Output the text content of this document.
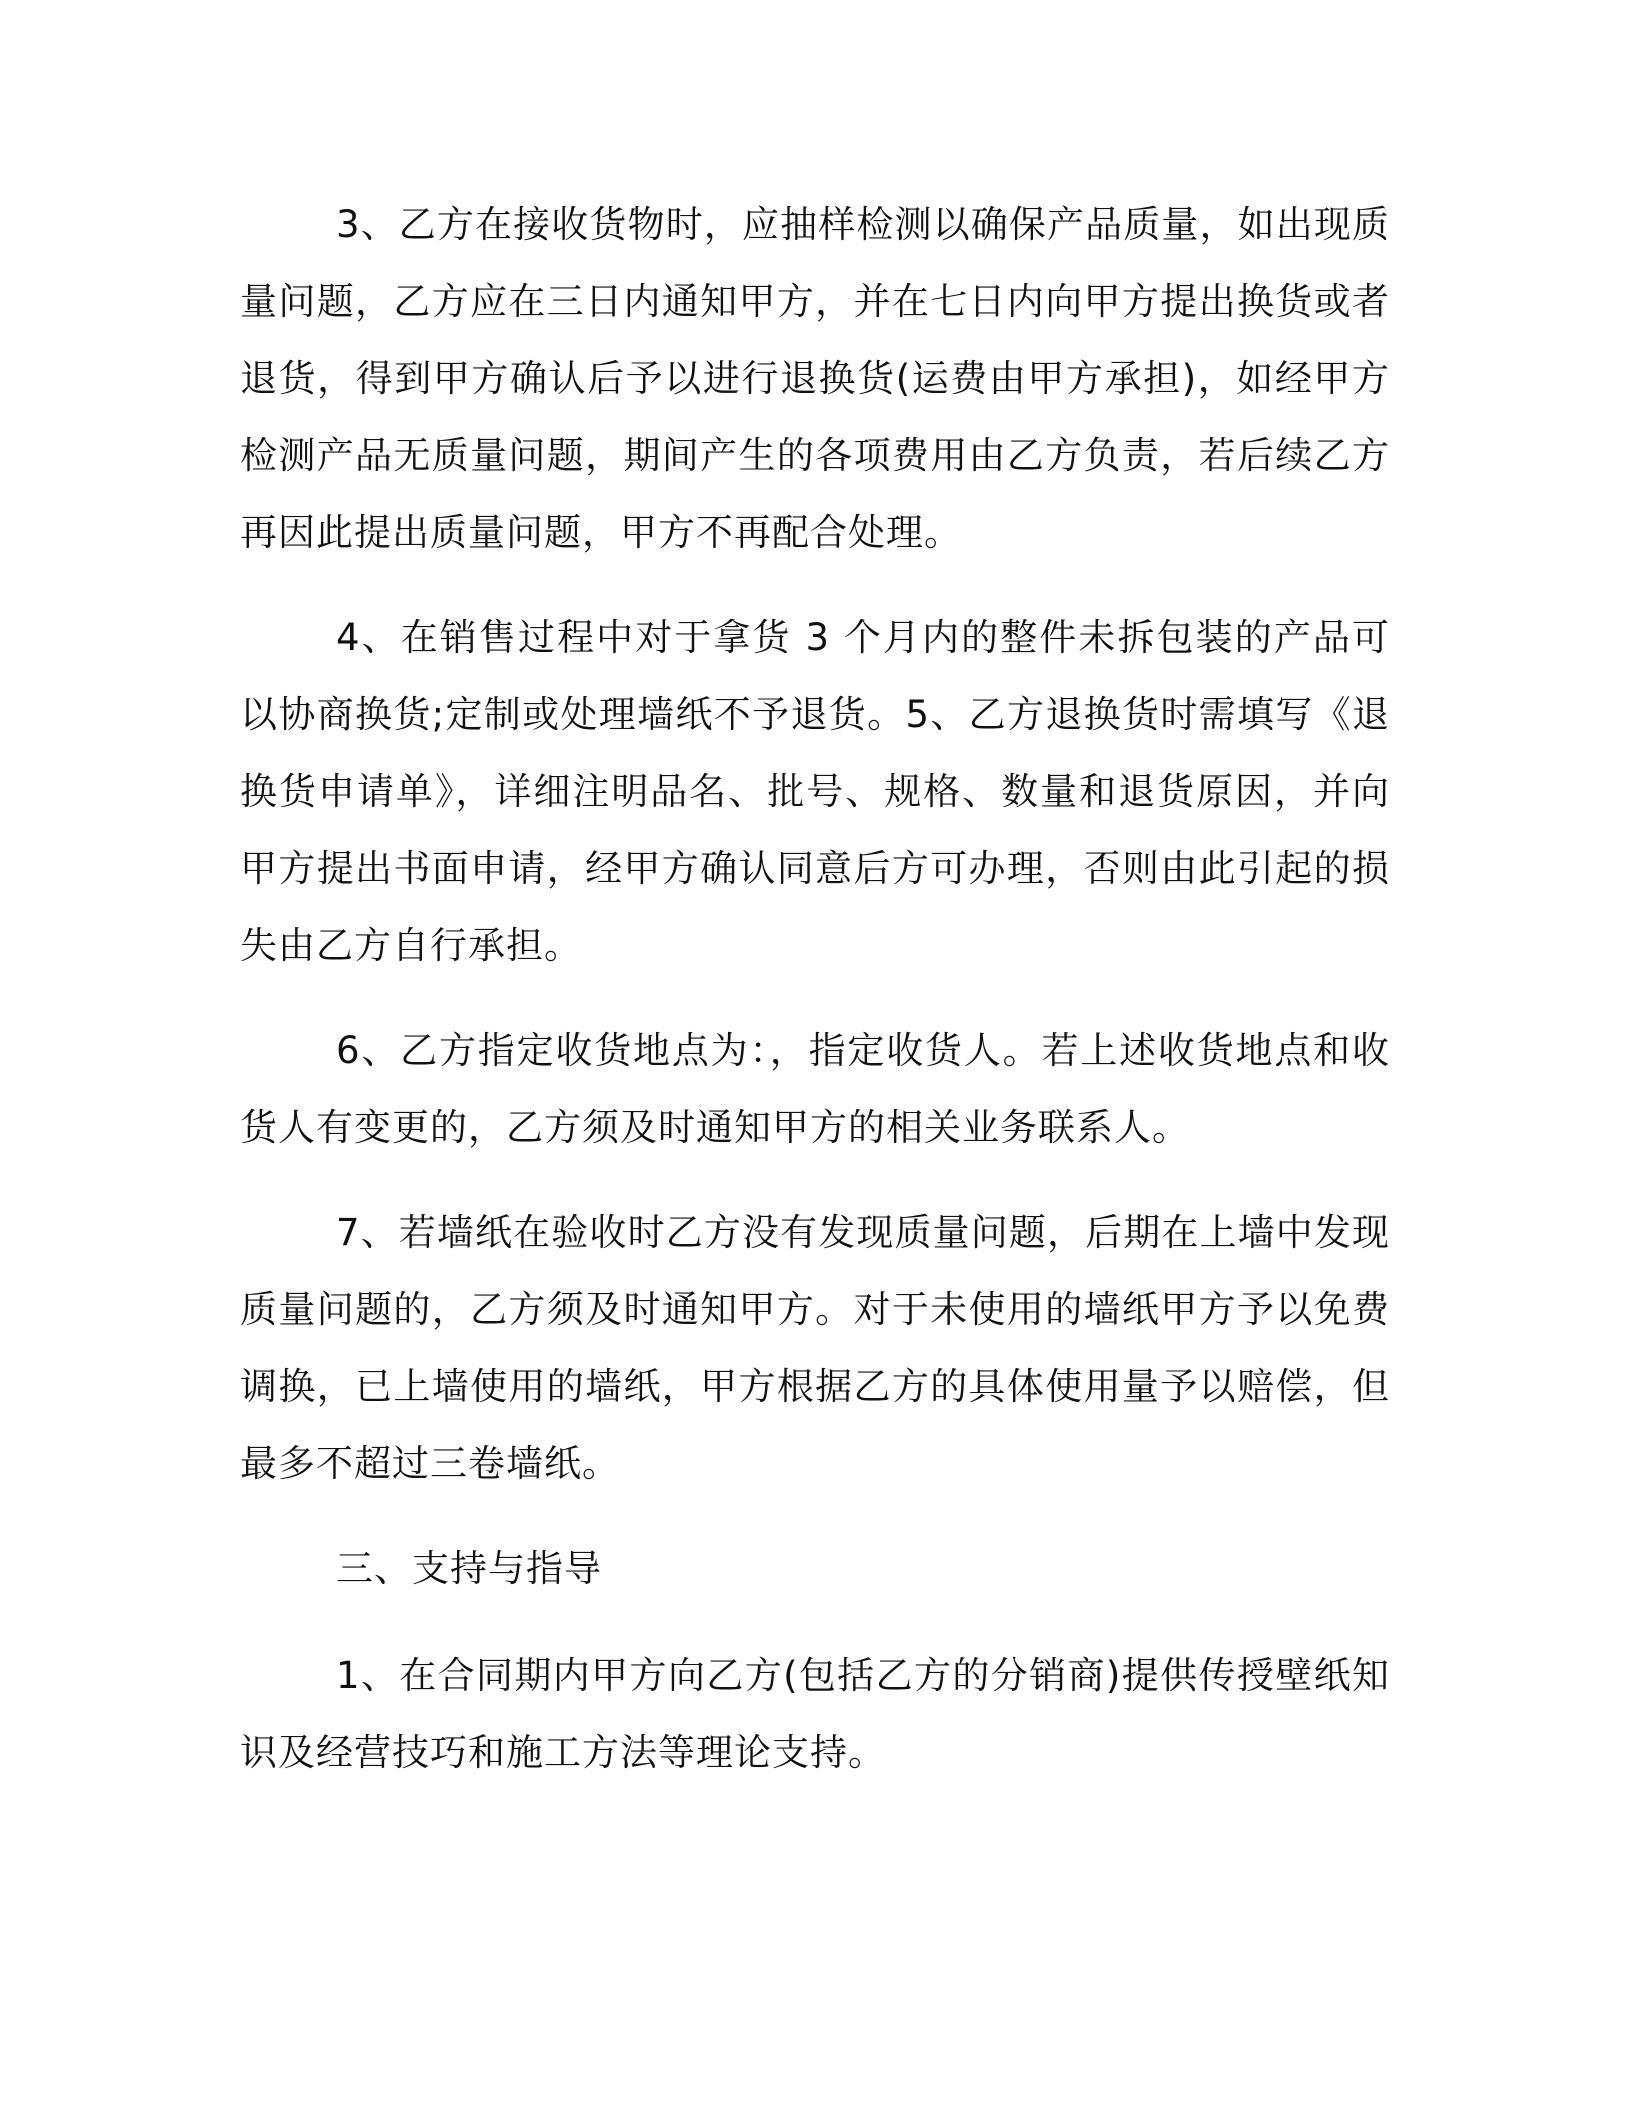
3、乙方在接收货物时，应抽样检测以确保产品质量，如出现质量问题，乙方应在三日内通知甲方，并在七日内向甲方提出换货或者退货，得到甲方确认后予以进行退换货(运费由甲方承担)，如经甲方检测产品无质量问题，期间产生的各项费用由乙方负责，若后续乙方再因此提出质量问题，甲方不再配合处理。

4、在销售过程中对于拿货 3 个月内的整件未拆包装的产品可以协商换货;定制或处理墙纸不予退货。5、乙方退换货时需填写《退换货申请单》，详细注明品名、批号、规格、数量和退货原因，并向甲方提出书面申请，经甲方确认同意后方可办理，否则由此引起的损失由乙方自行承担。

6、乙方指定收货地点为：，指定收货人。若上述收货地点和收货人有变更的，乙方须及时通知甲方的相关业务联系人。

7、若墙纸在验收时乙方没有发现质量问题，后期在上墙中发现质量问题的，乙方须及时通知甲方。对于未使用的墙纸甲方予以免费调换，已上墙使用的墙纸，甲方根据乙方的具体使用量予以赔偿，但最多不超过三卷墙纸。

三、支持与指导

1、在合同期内甲方向乙方(包括乙方的分销商)提供传授壁纸知识及经营技巧和施工方法等理论支持。
